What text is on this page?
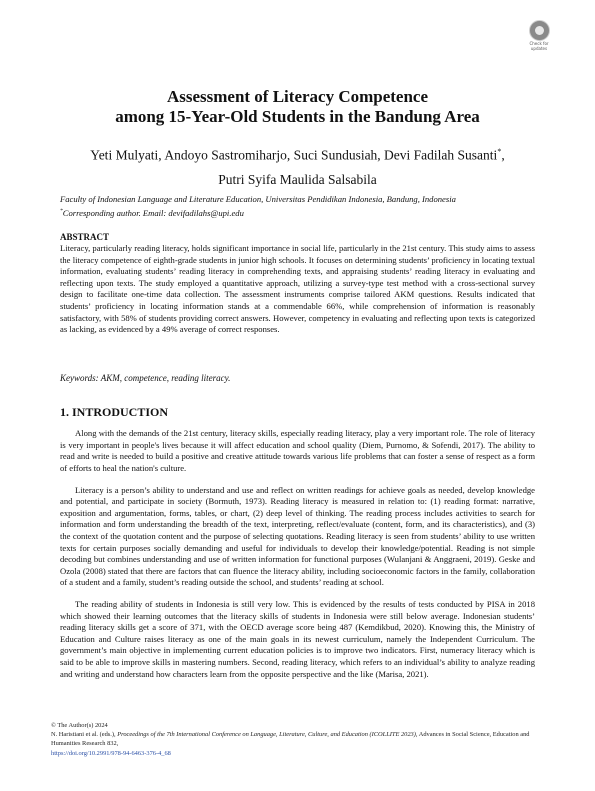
Check for
updates
Assessment of Literacy Competence
among 15-Year-Old Students in the Bandung Area
Yeti Mulyati, Andoyo Sastromiharjo, Suci Sundusiah, Devi Fadilah Susanti*,
Putri Syifa Maulida Salsabila
Faculty of Indonesian Language and Literature Education, Universitas Pendidikan Indonesia, Bandung, Indonesia
*Corresponding author. Email: devifadilahs@upi.edu
ABSTRACT
Literacy, particularly reading literacy, holds significant importance in social life, particularly in the 21st century. This study aims to assess the literacy competence of eighth-grade students in junior high schools. It focuses on determining students’ proficiency in locating textual information, evaluating students’ reading literacy in comprehending texts, and appraising students’ reading literacy in evaluating and reflecting upon texts. The study employed a quantitative approach, utilizing a survey-type test method with a cross-sectional survey design to facilitate one-time data collection. The assessment instruments comprise tailored AKM questions. Results indicated that students’ proficiency in locating information stands at a commendable 66%, while comprehension of information is reasonably satisfactory, with 58% of students providing correct answers. However, competency in evaluating and reflecting upon texts is categorized as lacking, as evidenced by a 49% average of correct responses.
Keywords: AKM, competence, reading literacy.
1. INTRODUCTION

Along with the demands of the 21st century, literacy skills, especially reading literacy, play a very important role. The role of literacy is very important in people's lives because it will affect education and school quality (Diem, Purnomo, & Sofendi, 2017). The ability to read and write is needed to build a positive and creative attitude towards various life problems that can foster a sense of respect as a form of efforts to heal the nation's culture.

Literacy is a person’s ability to understand and use and reflect on written readings for achieve goals as needed, develop knowledge and potential, and participate in society (Bormuth, 1973). Reading literacy is measured in relation to: (1) reading format: narrative, exposition and argumentation, forms, tables, or chart, (2) deep level of thinking. The reading process includes activities to search for information and form understanding the breadth of the text, interpreting, reflect/evaluate (content, form, and its characteristics), and (3) the context of the quotation content and the purpose of selecting quotations. Reading literacy is seen from students’ ability to use written texts for certain purposes socially demanding and useful for individuals to develop their knowledge/potential. Reading is not simple decoding but combines understanding and use of written information for functional purposes (Wulanjani & Anggraeni, 2019). Geske and Ozola (2008) stated that there are factors that can fluence the literacy ability, including socioeconomic factors in the family, collaboration of a student and a family, student’s reading outside the school, and students’ reading at school.

The reading ability of students in Indonesia is still very low. This is evidenced by the results of tests conducted by PISA in 2018 which showed their learning outcomes that the literacy skills of students in Indonesia were still below average. Indonesian students’ reading literacy skills get a score of 371, with the OECD average score being 487 (Kemdikbud, 2020). Knowing this, the Ministry of Education and Culture raises literacy as one of the main goals in its newest curriculum, namely the Independent Curriculum. The government’s main objective in implementing current education policies is to improve two indicators. First, numeracy literacy which is said to be able to improve skills in mastering numbers. Second, reading literacy, which refers to an individual’s ability to analyze reading and writing and understand how characters learn from the opposite perspective and the like (Marisa, 2021).

© The Author(s) 2024
N. Haristiani et al. (eds.), Proceedings of the 7th International Conference on Language, Literature, Culture, and Education (ICOLLITE 2023), Advances in Social Science, Education and Humanities Research 832,
https://doi.org/10.2991/978-94-6463-376-4_68
